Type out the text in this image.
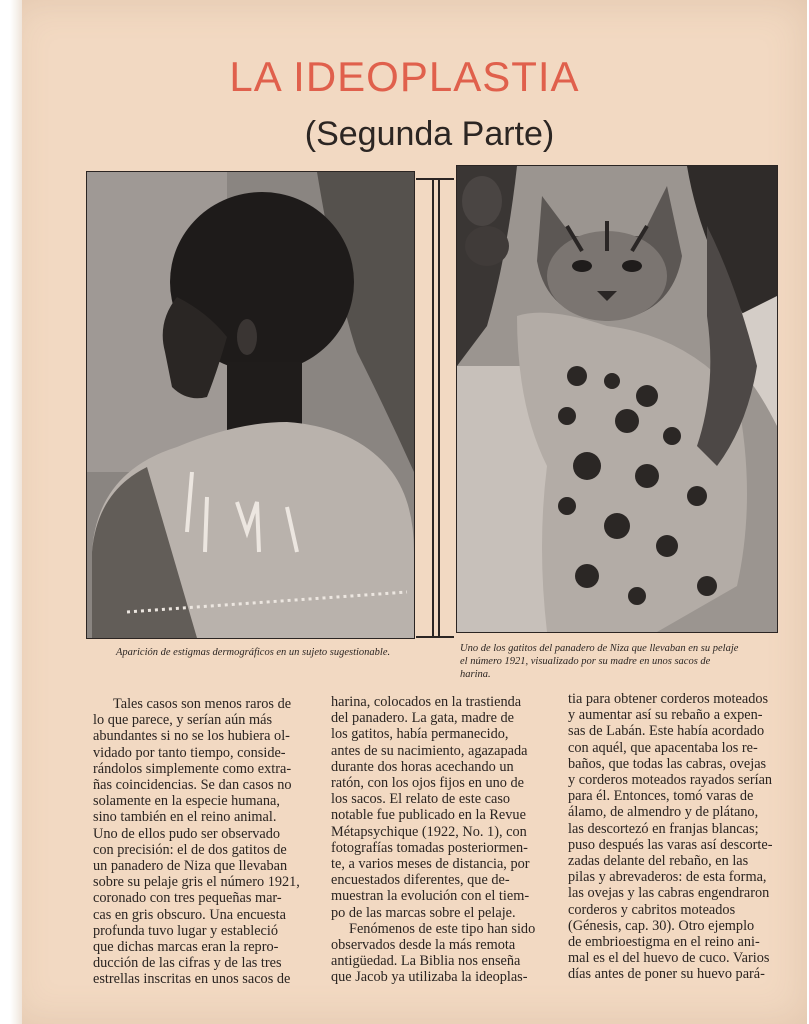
LA IDEOPLASTIA
(Segunda Parte)
Aparición de estigmas dermográficos en un sujeto sugestionable.	Uno de los gatitos del panadero de Niza que llevaban en su pelaje
el número 1921, visualizado por su madre en unos sacos de
harina.
Tales casos son menos raros de
lo que parece, y serían aún más
abundantes si no se los hubiera ol-
vidado por tanto tiempo, conside-
rándolos simplemente como extra-
ñas coincidencias. Se dan casos no
solamente en la especie humana,
sino también en el reino animal.
Uno de ellos pudo ser observado
con precisión: el de dos gatitos de
un panadero de Niza que llevaban
sobre su pelaje gris el número 1921,
coronado con tres pequeñas mar-
cas en gris obscuro. Una encuesta
profunda tuvo lugar y estableció
que dichas marcas eran la repro-
ducción de las cifras y de las tres
estrellas inscritas en unos sacos de
harina, colocados en la trastienda
del panadero. La gata, madre de
los gatitos, había permanecido,
antes de su nacimiento, agazapada
durante dos horas acechando un
ratón, con los ojos fijos en uno de
los sacos. El relato de este caso
notable fue publicado en la Revue
Métapsychique (1922, No. 1), con
fotografías tomadas posteriormen-
te, a varios meses de distancia, por
encuestados diferentes, que de-
muestran la evolución con el tiem-
po de las marcas sobre el pelaje.
Fenómenos de este tipo han sido
observados desde la más remota
antigüedad. La Biblia nos enseña
que Jacob ya utilizaba la ideoplas-
tia para obtener corderos moteados
y aumentar así su rebaño a expen-
sas de Labán. Este había acordado
con aquél, que apacentaba los re-
baños, que todas las cabras, ovejas
y corderos moteados rayados serían
para él. Entonces, tomó varas de
álamo, de almendro y de plátano,
las descortezó en franjas blancas;
puso después las varas así descorte-
zadas delante del rebaño, en las
pilas y abrevaderos: de esta forma,
las ovejas y las cabras engendraron
corderos y cabritos moteados
(Génesis, cap. 30). Otro ejemplo
de embrioestigma en el reino ani-
mal es el del huevo de cuco. Varios
días antes de poner su huevo pará-
